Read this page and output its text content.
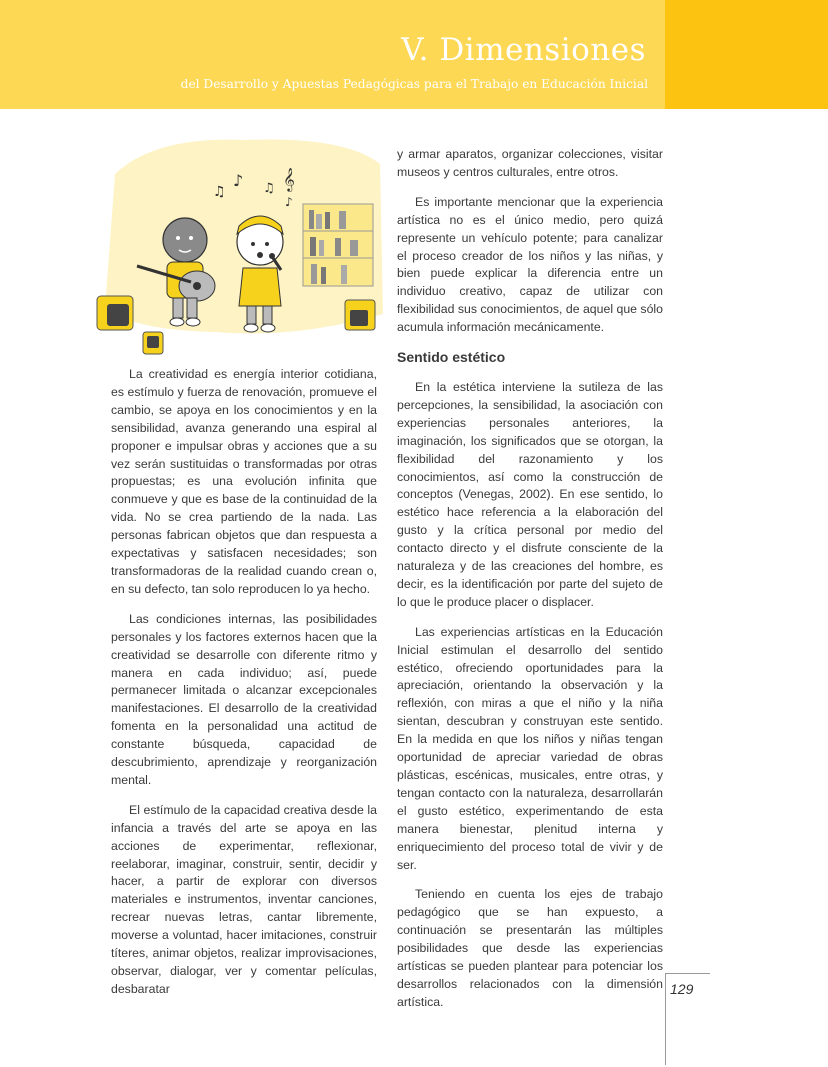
V. Dimensiones

del Desarrollo y Apuestas Pedagógicas para el Trabajo en Educación Inicial

♫
♪ ♫ 𝄞
♪

La creatividad es energía interior cotidiana, es estímulo y fuerza de renovación, promueve el cambio, se apoya en los conocimientos y en la sensibilidad, avanza generando una espiral al proponer e impulsar obras y acciones que a su vez serán sustituidas o transformadas por otras propuestas; es una evolución infinita que conmueve y que es base de la continuidad de la vida. No se crea partiendo de la nada. Las personas fabrican objetos que dan respuesta a expectativas y satisfacen necesidades; son transformadoras de la realidad cuando crean o, en su defecto, tan solo reproducen lo ya hecho.

Las condiciones internas, las posibilidades personales y los factores externos hacen que la creatividad se desarrolle con diferente ritmo y manera en cada individuo; así, puede permanecer limitada o alcanzar excepcionales manifestaciones. El desarrollo de la creatividad fomenta en la personalidad una actitud de constante búsqueda, capacidad de descubrimiento, aprendizaje y reorganización mental.

El estímulo de la capacidad creativa desde la infancia a través del arte se apoya en las acciones de experimentar, reflexionar, reelaborar, imaginar, construir, sentir, decidir y hacer, a partir de explorar con diversos materiales e instrumentos, inventar canciones, recrear nuevas letras, cantar libremente, moverse a voluntad, hacer imitaciones, construir títeres, animar objetos, realizar improvisaciones, observar, dialogar, ver y comentar películas, desbaratar

y armar aparatos, organizar colecciones, visitar museos y centros culturales, entre otros.

Es importante mencionar que la experiencia artística no es el único medio, pero quizá represente un vehículo potente; para canalizar el proceso creador de los niños y las niñas, y bien puede explicar la diferencia entre un individuo creativo, capaz de utilizar con flexibilidad sus conocimientos, de aquel que sólo acumula información mecánicamente.

Sentido estético

En la estética interviene la sutileza de las percepciones, la sensibilidad, la asociación con experiencias personales anteriores, la imaginación, los significados que se otorgan, la flexibilidad del razonamiento y los conocimientos, así como la construcción de conceptos (Venegas, 2002). En ese sentido, lo estético hace referencia a la elaboración del gusto y la crítica personal por medio del contacto directo y el disfrute consciente de la naturaleza y de las creaciones del hombre, es decir, es la identificación por parte del sujeto de lo que le produce placer o displacer.

Las experiencias artísticas en la Educación Inicial estimulan el desarrollo del sentido estético, ofreciendo oportunidades para la apreciación, orientando la observación y la reflexión, con miras a que el niño y la niña sientan, descubran y construyan este sentido. En la medida en que los niños y niñas tengan oportunidad de apreciar variedad de obras plásticas, escénicas, musicales, entre otras, y tengan contacto con la naturaleza, desarrollarán el gusto estético, experimentando de esta manera bienestar, plenitud interna y enriquecimiento del proceso total de vivir y de ser.

Teniendo en cuenta los ejes de trabajo pedagógico que se han expuesto, a continuación se presentarán las múltiples posibilidades que desde las experiencias artísticas se pueden plantear para potenciar los desarrollos relacionados con la dimensión artística.

129
